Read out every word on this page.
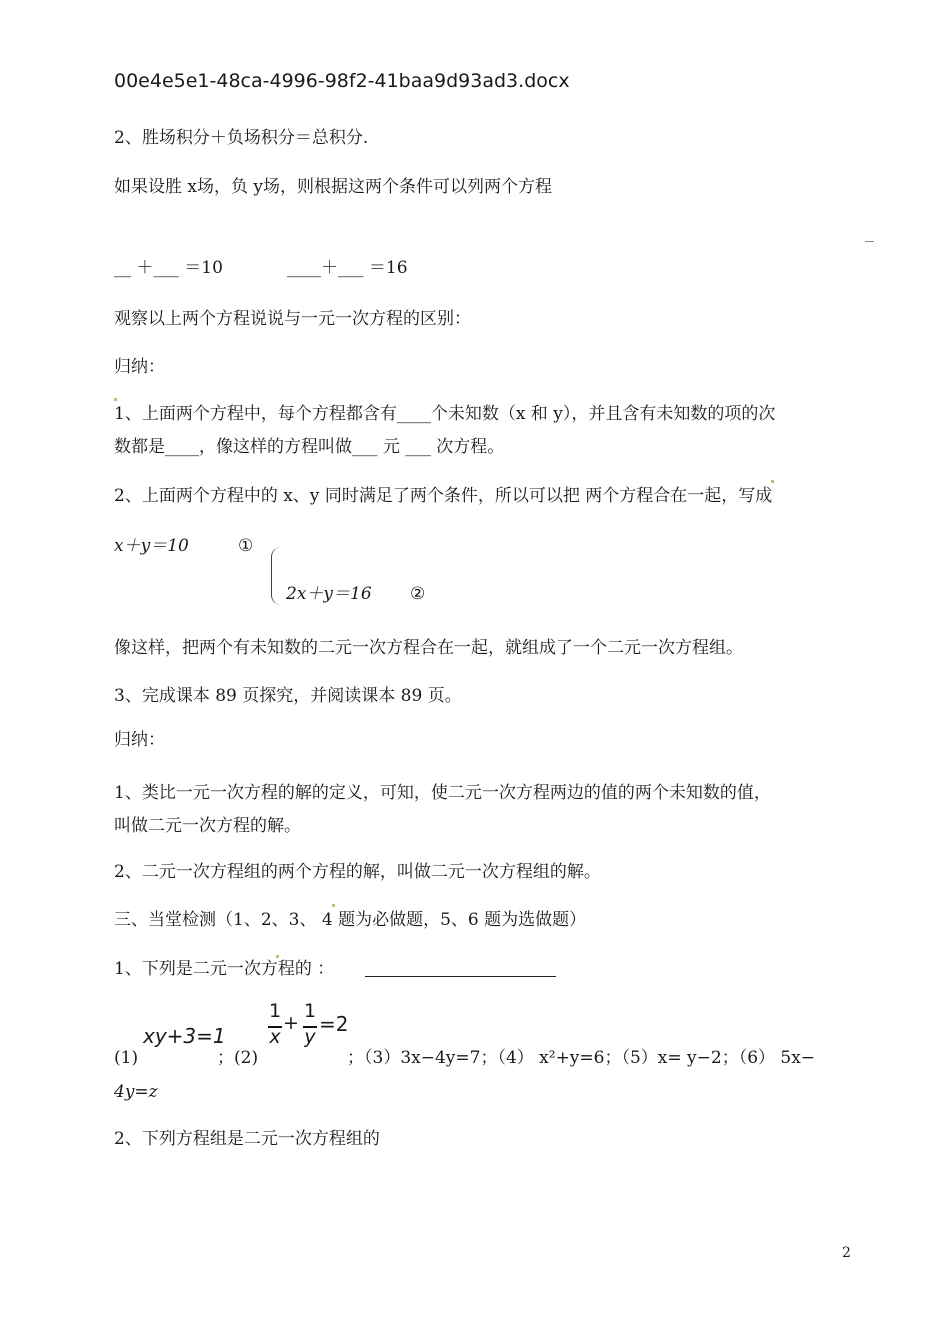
00e4e5e1-48ca-4996-98f2-41baa9d93ad3.docx
2、胜场积分＋负场积分＝总积分.
如果设胜 x场，负 y场，则根据这两个条件可以列两个方程
__ ＋___ ＝10	____＋___ ＝16
观察以上两个方程说说与一元一次方程的区别：
归纳：
1、上面两个方程中，每个方程都含有____个未知数（x 和 y），并且含有未知数的项的次
数都是____，像这样的方程叫做___ 元 ___ 次方程。
2、上面两个方程中的 x、y 同时满足了两个条件，所以可以把 两个方程合在一起，写成
x＋y＝10	①
2x＋y＝16 ②
像这样，把两个有未知数的二元一次方程合在一起，就组成了一个二元一次方程组。
3、完成课本 89 页探究，并阅读课本 89 页。
归纳：
1、类比一元一次方程的解的定义，可知，使二元一次方程两边的值的两个未知数的值，
叫做二元一次方程的解。
2、二元一次方程组的两个方程的解，叫做二元一次方程组的解。
三、当堂检测（1、2、3、 4 题为必做题，5、6 题为选做题）
1、下列是二元一次方程的 ：
xy+3=1
1
x
+
1
y
=2
(1)	；(2)	；（3）3x−4y=7；（4） x²+y=6；（5）x= y−2；（6） 5x−
4y=z
2、下列方程组是二元一次方程组的
2
